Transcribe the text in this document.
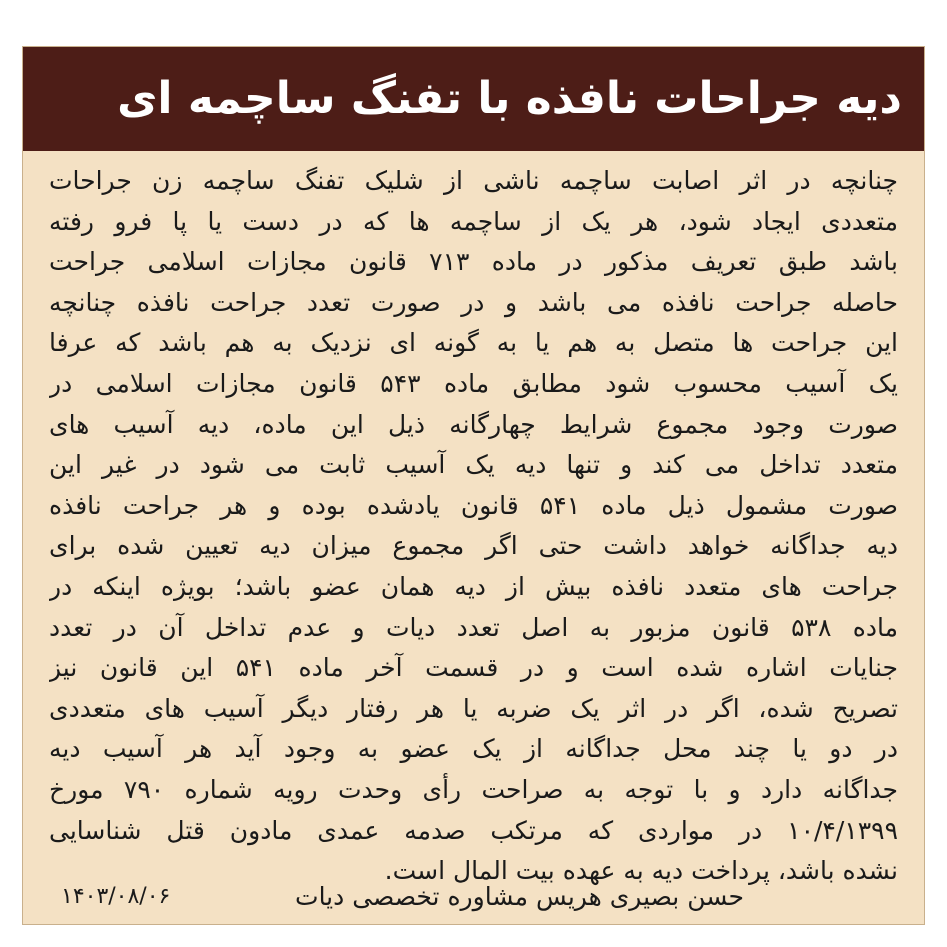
دیه جراحات نافذه با تفنگ ساچمه ای
چنانچه در اثر اصابت ساچمه ناشی از شلیک تفنگ ساچمه زن جراحات
متعددی ایجاد شود، هر یک از ساچمه ها که در دست یا پا فرو رفته
باشد طبق تعریف مذکور در ماده ۷۱۳ قانون مجازات اسلامی جراحت
حاصله جراحت نافذه می باشد و در صورت تعدد جراحت نافذه چنانچه
این جراحت ها متصل به هم یا به گونه ای نزدیک به هم باشد که عرفا
یک آسیب محسوب شود مطابق ماده ۵۴۳ قانون مجازات اسلامی در
صورت وجود مجموع شرایط چهارگانه ذیل این ماده، دیه آسیب های
متعدد تداخل می کند و تنها دیه یک آسیب ثابت می شود در غیر این
صورت مشمول ذیل ماده ۵۴۱ قانون یادشده بوده و هر جراحت نافذه
دیه جداگانه خواهد داشت حتی اگر مجموع میزان دیه تعیین شده برای
جراحت های متعدد نافذه بیش از دیه همان عضو باشد؛ بویژه اینکه در
ماده ۵۳۸ قانون مزبور به اصل تعدد دیات و عدم تداخل آن در تعدد
جنایات اشاره شده است و در قسمت آخر ماده ۵۴۱ این قانون نیز
تصریح شده، اگر در اثر یک ضربه یا هر رفتار دیگر آسیب های متعددی
در دو یا چند محل جداگانه از یک عضو به وجود آید هر آسیب دیه
جداگانه دارد و با توجه به صراحت رأی وحدت رویه شماره ۷۹۰ مورخ
۱۰/۴/۱۳۹۹ در مواردی که مرتکب صدمه عمدی مادون قتل شناسایی
نشده باشد، پرداخت دیه به عهده بیت المال است.
۱۴۰۳/۰۸/۰۶	حسن بصیری هریس مشاوره تخصصی دیات
